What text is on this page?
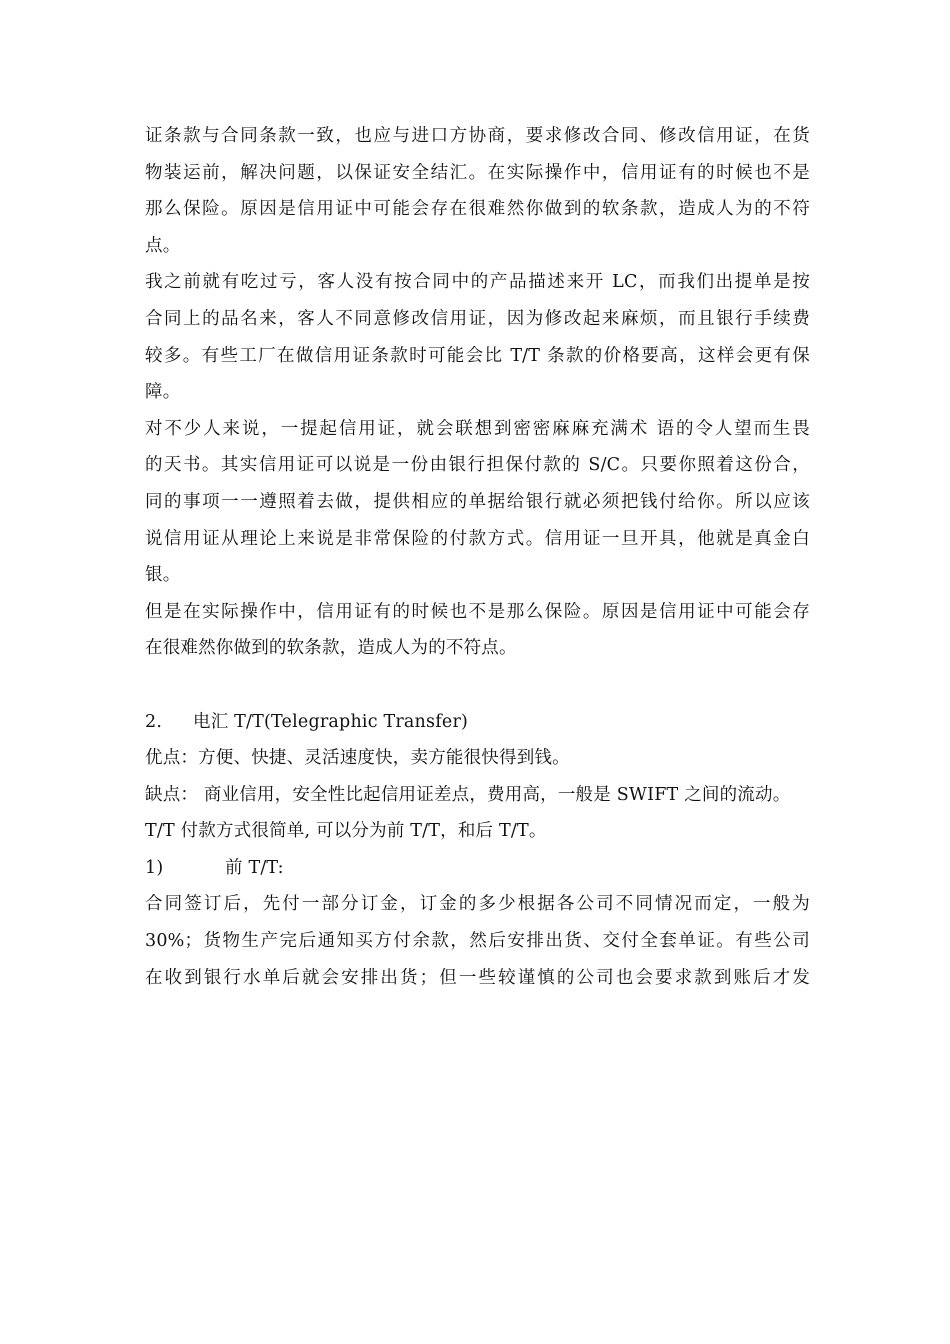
证条款与合同条款一致，也应与进口方协商，要求修改合同、修改信用证，在货
物装运前，解决问题，以保证安全结汇。在实际操作中，信用证有的时候也不是
那么保险。原因是信用证中可能会存在很难然你做到的软条款，造成人为的不符
点。
我之前就有吃过亏，客人没有按合同中的产品描述来开 LC，而我们出提单是按
合同上的品名来，客人不同意修改信用证，因为修改起来麻烦，而且银行手续费
较多。有些工厂在做信用证条款时可能会比 T/T 条款的价格要高，这样会更有保
障。
对不少人来说，一提起信用证，就会联想到密密麻麻充满术 语的令人望而生畏
的天书。其实信用证可以说是一份由银行担保付款的 S/C。只要你照着这份合，
同的事项一一遵照着去做，提供相应的单据给银行就必须把钱付给你。所以应该
说信用证从理论上来说是非常保险的付款方式。信用证一旦开具，他就是真金白
银。
但是在实际操作中，信用证有的时候也不是那么保险。原因是信用证中可能会存
在很难然你做到的软条款，造成人为的不符点。
2. 电汇 T/T(Telegraphic Transfer)
优点：方便、快捷、灵活速度快，卖方能很快得到钱。
缺点： 商业信用，安全性比起信用证差点，费用高，一般是 SWIFT 之间的流动。
T/T 付款方式很简单, 可以分为前 T/T，和后 T/T。
1)	前 T/T:
合同签订后，先付一部分订金，订金的多少根据各公司不同情况而定，一般为
30%；货物生产完后通知买方付余款，然后安排出货、交付全套单证。有些公司
在收到银行水单后就会安排出货；但一些较谨慎的公司也会要求款到账后才发
